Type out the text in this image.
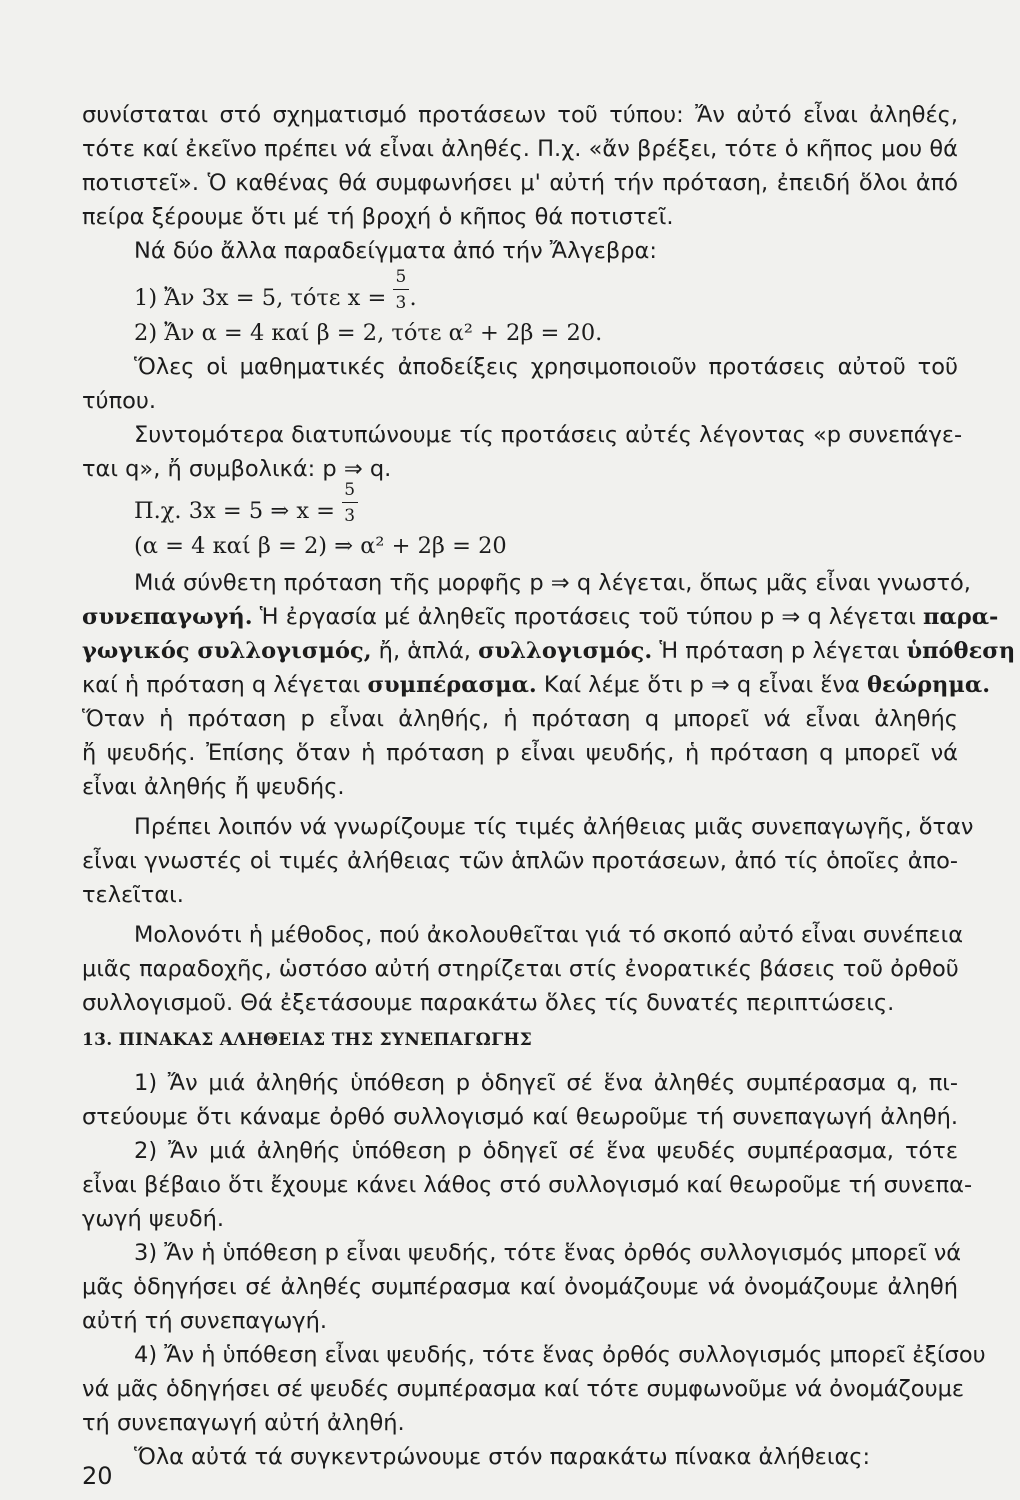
συνίσταται στό σχηματισμό προτάσεων τοῦ τύπου: Ἄν αὐτό εἶναι ἀληθές,
τότε καί ἐκεῖνο πρέπει νά εἶναι ἀληθές. Π.χ. «ἄν βρέξει, τότε ὁ κῆπος μου θά
ποτιστεῖ». Ὁ καθένας θά συμφωνήσει μ' αὐτή τήν πρόταση, ἐπειδή ὅλοι ἀπό
πείρα ξέρουμε ὅτι μέ τή βροχή ὁ κῆπος θά ποτιστεῖ.
Νά δύο ἄλλα παραδείγματα ἀπό τήν Ἄλγεβρα:
1) Ἄν 3x = 5, τότε $x = \frac{5}{3}$ .
2) Ἄν α = 4 καί β = 2, τότε α² + 2β = 20.
Ὅλες οἱ μαθηματικές ἀποδείξεις χρησιμοποιοῦν προτάσεις αὐτοῦ τοῦ
τύπου.
Συντομότερα διατυπώνουμε τίς προτάσεις αὐτές λέγοντας «p συνεπάγε-
ται q», ἤ συμβολικά: p ⇒ q.
Π.χ. 3x = 5 ⇒ $x = \frac{5}{3}$
(α = 4 καί β = 2) ⇒ α² + 2β = 20
Μιά σύνθετη πρόταση τῆς μορφῆς p ⇒ q λέγεται, ὅπως μᾶς εἶναι γνωστό,
συνεπαγωγή. Ἡ ἐργασία μέ ἀληθεῖς προτάσεις τοῦ τύπου p ⇒ q λέγεται παρα-
γωγικός συλλογισμός, ἤ, ἁπλά, συλλογισμός. Ἡ πρόταση p λέγεται ὑπόθεση
καί ἡ πρόταση q λέγεται συμπέρασμα. Καί λέμε ὅτι p ⇒ q εἶναι ἕνα θεώρημα.
Ὅταν ἡ πρόταση p εἶναι ἀληθής, ἡ πρόταση q μπορεῖ νά εἶναι ἀληθής
ἤ ψευδής. Ἐπίσης ὅταν ἡ πρόταση p εἶναι ψευδής, ἡ πρόταση q μπορεῖ νά
εἶναι ἀληθής ἤ ψευδής.
Πρέπει λοιπόν νά γνωρίζουμε τίς τιμές ἀλήθειας μιᾶς συνεπαγωγῆς, ὅταν
εἶναι γνωστές οἱ τιμές ἀλήθειας τῶν ἁπλῶν προτάσεων, ἀπό τίς ὁποῖες ἀπο-
τελεῖται.
Μολονότι ἡ μέθοδος, πού ἀκολουθεῖται γιά τό σκοπό αὐτό εἶναι συνέπεια
μιᾶς παραδοχῆς, ὡστόσο αὐτή στηρίζεται στίς ἐνορατικές βάσεις τοῦ ὀρθοῦ
συλλογισμοῦ. Θά ἐξετάσουμε παρακάτω ὅλες τίς δυνατές περιπτώσεις.
13. ΠΙΝΑΚΑΣ ΑΛΗΘΕΙΑΣ ΤΗΣ ΣΥΝΕΠΑΓΩΓΗΣ
1) Ἄν μιά ἀληθής ὑπόθεση p ὁδηγεῖ σέ ἕνα ἀληθές συμπέρασμα q, πι-
στεύουμε ὅτι κάναμε ὀρθό συλλογισμό καί θεωροῦμε τή συνεπαγωγή ἀληθή.
2) Ἄν μιά ἀληθής ὑπόθεση p ὁδηγεῖ σέ ἕνα ψευδές συμπέρασμα, τότε
εἶναι βέβαιο ὅτι ἔχουμε κάνει λάθος στό συλλογισμό καί θεωροῦμε τή συνεπα-
γωγή ψευδή.
3) Ἄν ἡ ὑπόθεση p εἶναι ψευδής, τότε ἕνας ὀρθός συλλογισμός μπορεῖ νά
μᾶς ὁδηγήσει σέ ἀληθές συμπέρασμα καί ὀνομάζουμε νά ὀνομάζουμε ἀληθή
αὐτή τή συνεπαγωγή.
4) Ἄν ἡ ὑπόθεση εἶναι ψευδής, τότε ἕνας ὀρθός συλλογισμός μπορεῖ ἐξίσου
νά μᾶς ὁδηγήσει σέ ψευδές συμπέρασμα καί τότε συμφωνοῦμε νά ὀνομάζουμε
τή συνεπαγωγή αὐτή ἀληθή.
Ὅλα αὐτά τά συγκεντρώνουμε στόν παρακάτω πίνακα ἀλήθειας:
20
